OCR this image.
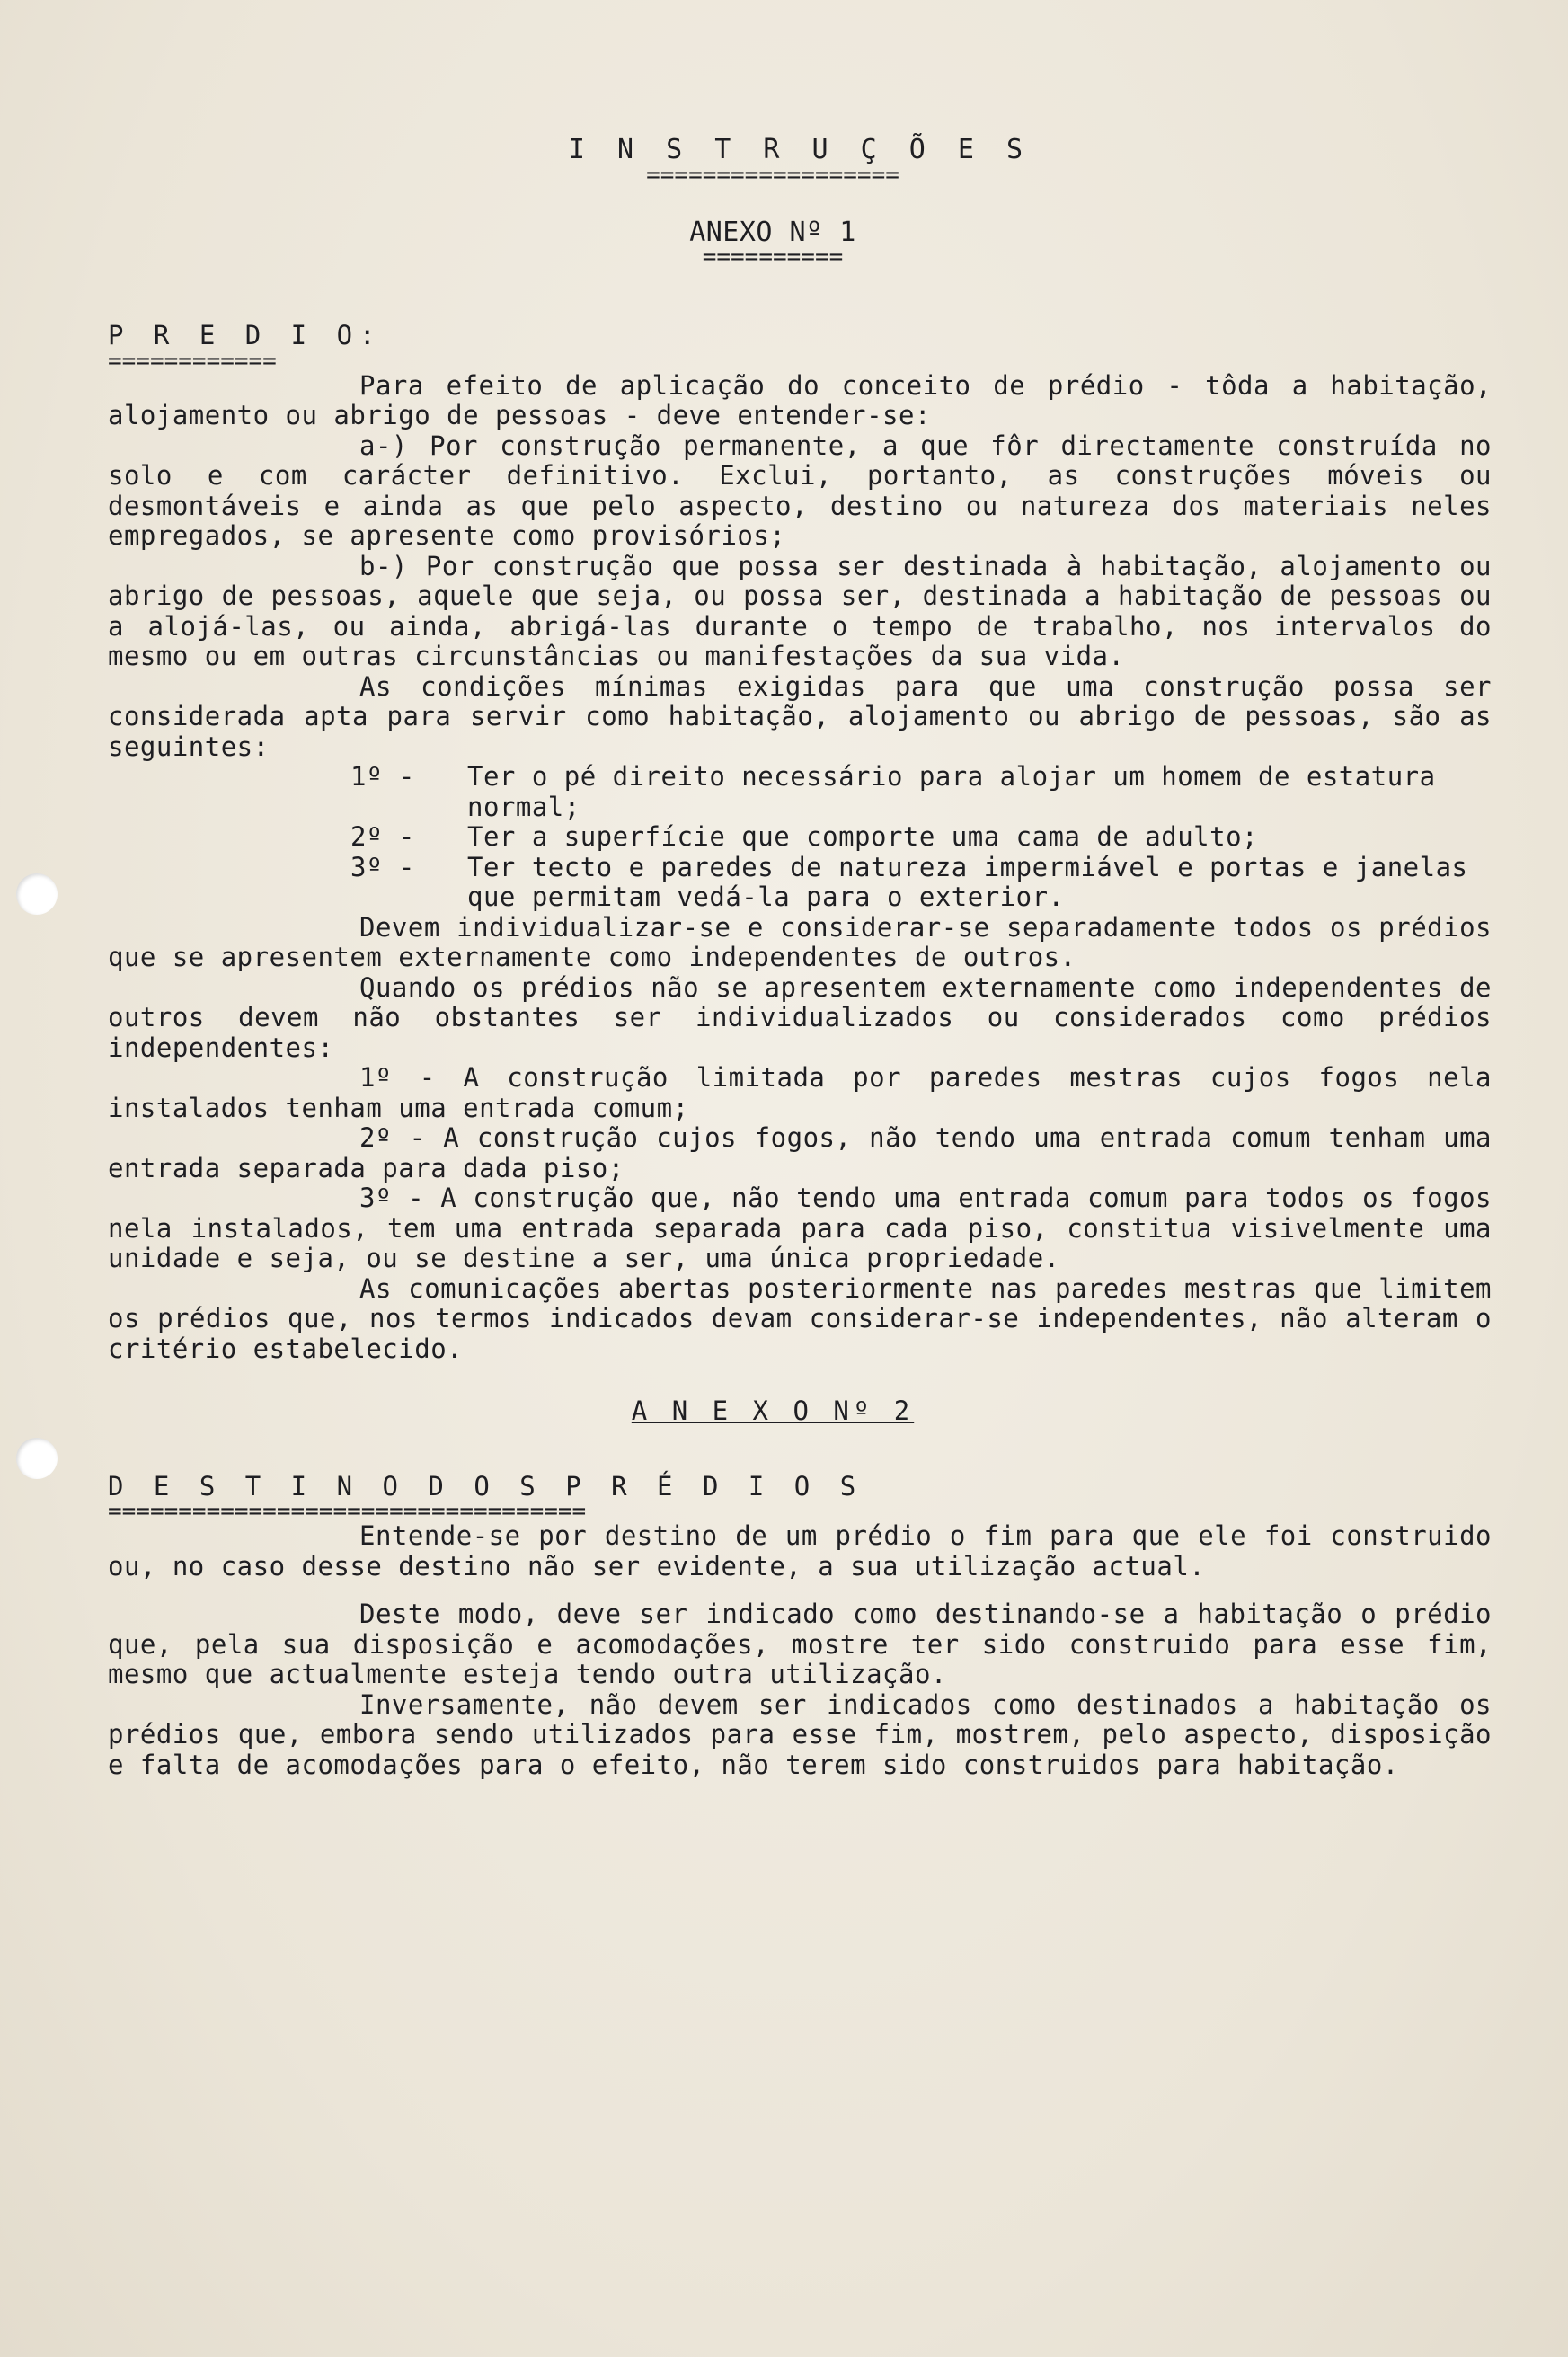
I N S T R U Ç Õ E S
==================
ANEXO Nº 1
==========
P R E D I O:
============

Para efeito de aplicação do conceito de prédio - tôda a habitação, alojamento ou abrigo de pessoas - deve entender-se:

a-) Por construção permanente, a que fôr directamente construída no solo e com carácter definitivo. Exclui, portanto, as construções móveis ou desmontáveis e ainda as que pelo aspecto, destino ou natureza dos materiais neles empregados, se apresente como provisórios;

b-) Por construção que possa ser destinada à habitação, alojamento ou abrigo de pessoas, aquele que seja, ou possa ser, destinada a habitação de pessoas ou a alojá-las, ou ainda, abrigá-las durante o tempo de trabalho, nos intervalos do mesmo ou em outras circunstâncias ou manifestações da sua vida.

As condições mínimas exigidas para que uma construção possa ser considerada apta para servir como habitação, alojamento ou abrigo de pessoas, são as seguintes:

1º -	Ter o pé direito necessário para alojar um homem de estatura normal;
2º -	Ter a superfície que comporte uma cama de adulto;
3º -	Ter tecto e paredes de natureza impermiável e portas e janelas que permitam vedá-la para o exterior.

Devem individualizar-se e considerar-se separadamente todos os prédios que se apresentem externamente como independentes de outros.

Quando os prédios não se apresentem externamente como independentes de outros devem não obstantes ser individualizados ou considerados como prédios independentes:

1º - A construção limitada por paredes mestras cujos fogos nela instalados tenham uma entrada comum;

2º - A construção cujos fogos, não tendo uma entrada comum tenham uma entrada separada para dada piso;

3º - A construção que, não tendo uma entrada comum para todos os fogos nela instalados, tem uma entrada separada para cada piso, constitua visivelmente uma unidade e seja, ou se destine a ser, uma única propriedade.

As comunicações abertas posteriormente nas paredes mestras que limitem os prédios que, nos termos indicados devam considerar-se independentes, não alteram o critério estabelecido.

A N E X O Nº 2
D E S T I N O D O S P R É D I O S
==================================

Entende-se por destino de um prédio o fim para que ele foi construido ou, no caso desse destino não ser evidente, a sua utilização actual.

Deste modo, deve ser indicado como destinando-se a habitação o prédio que, pela sua disposição e acomodações, mostre ter sido construido para esse fim, mesmo que actualmente esteja tendo outra utilização.

Inversamente, não devem ser indicados como destinados a habitação os prédios que, embora sendo utilizados para esse fim, mostrem, pelo aspecto, disposição e falta de acomodações para o efeito, não terem sido construidos para habitação.
